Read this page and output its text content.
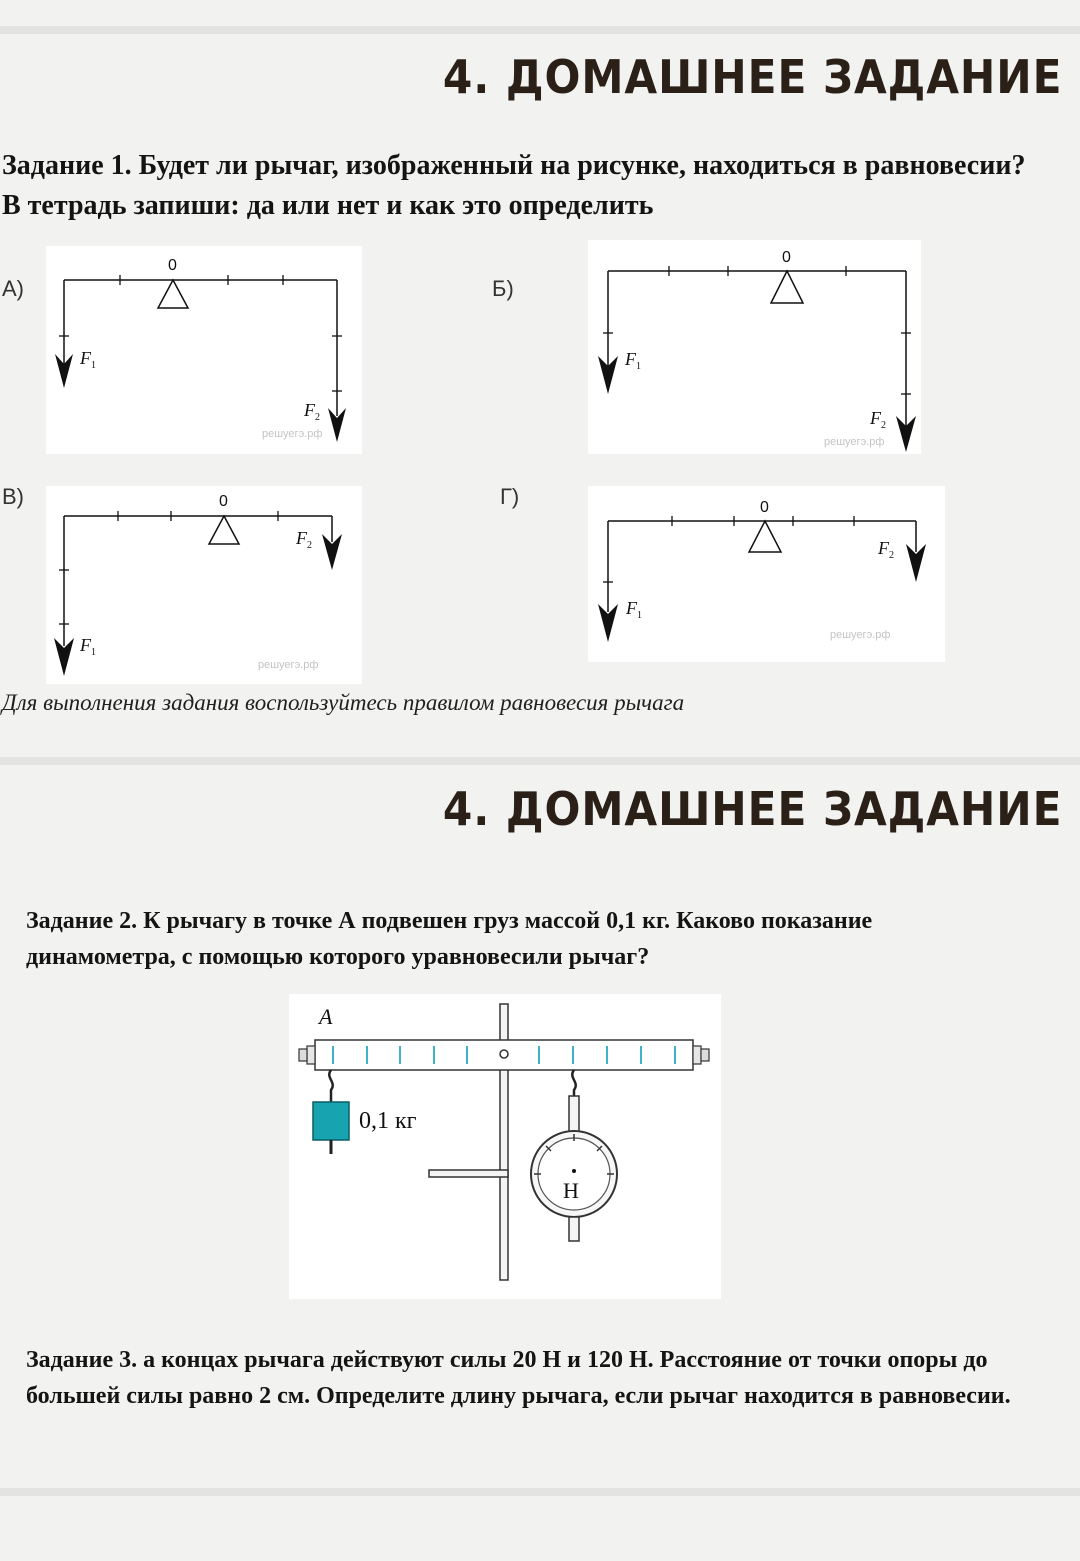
4. ДОМАШНЕЕ ЗАДАНИЕ

Задание 1. Будет ли рычаг, изображенный на рисунке, находиться в равновесии? В тетрадь запиши: да или нет и как это определить

А)
0
$F_1$
$F_2$
решуегэ.рф
Б)
0
$F_1$
$F_2$
решуегэ.рф
В)	0
$F_2$
$F_1$
решуегэ.рф
Г)	0
$F_2$
$F_1$
решуегэ.рф

Для выполнения задания воспользуйтесь правилом равновесия рычага

4. ДОМАШНЕЕ ЗАДАНИЕ

Задание 2. К рычагу в точке А подвешен груз массой 0,1 кг. Каково показание динамометра, с помощью которого уравновесили рычаг?

A
0,1 кг
Н

Задание 3. а концах рычага действуют силы 20 Н и 120 Н. Расстояние от точки опоры до большей силы равно 2 см. Определите длину рычага, если рычаг находится в равновесии.
